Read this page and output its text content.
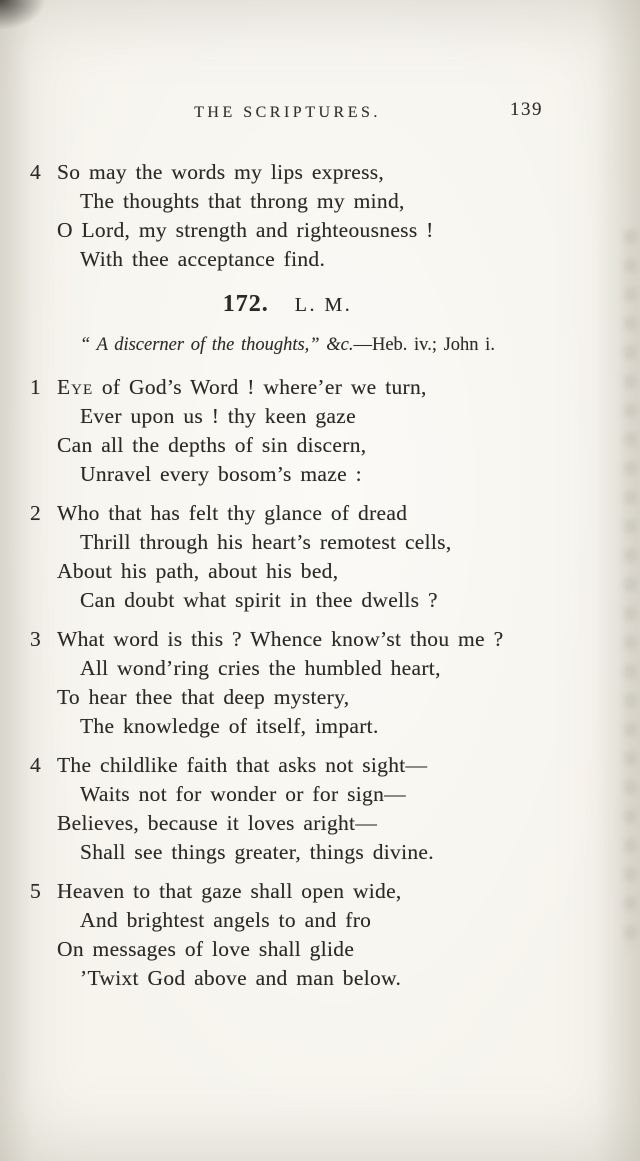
THE SCRIPTURES.	139
4 So may the words my lips express,
The thoughts that throng my mind,
O Lord, my strength and righteousness !
With thee acceptance find.
172. L. M.
“ A discerner of the thoughts,” &c.—Heb. iv.; John i.
1 Eye of God’s Word ! where’er we turn,
Ever upon us ! thy keen gaze
Can all the depths of sin discern,
Unravel every bosom’s maze :
2 Who that has felt thy glance of dread
Thrill through his heart’s remotest cells,
About his path, about his bed,
Can doubt what spirit in thee dwells ?
3 What word is this ? Whence know’st thou me ?
All wond’ring cries the humbled heart,
To hear thee that deep mystery,
The knowledge of itself, impart.
4 The childlike faith that asks not sight—
Waits not for wonder or for sign—
Believes, because it loves aright—
Shall see things greater, things divine.
5 Heaven to that gaze shall open wide,
And brightest angels to and fro
On messages of love shall glide
’Twixt God above and man below.
